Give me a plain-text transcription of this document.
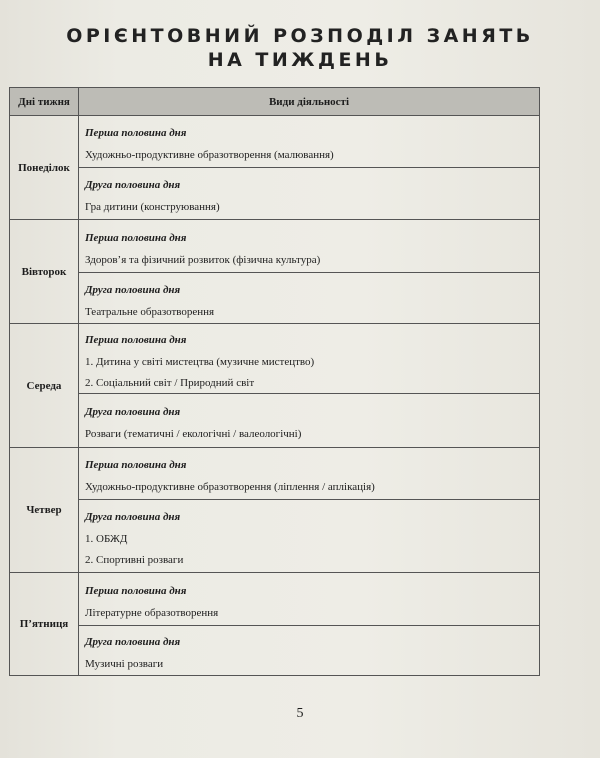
ОРІЄНТОВНИЙ РОЗПОДІЛ ЗАНЯТЬ
НА ТИЖДЕНЬ
Дні тижня	Види діяльності
Понеділок	Перша половина дня
Художньо-продуктивне образотворення (малювання)

	Друга половина дня
Гра дитини (конструювання)

Вівторок	Перша половина дня
Здоров’я та фізичний розвиток (фізична культура)

	Друга половина дня
Театральне образотворення

Середа	Перша половина дня
1. Дитина у світі мистецтва (музичне мистецтво)
2. Соціальний світ / Природний світ

	Друга половина дня
Розваги (тематичні / екологічні / валеологічні)

Четвер	Перша половина дня
Художньо-продуктивне образотворення (ліплення / аплікація)

	Друга половина дня
1. ОБЖД
2. Спортивні розваги

П’ятниця	Перша половина дня
Літературне образотворення

	Друга половина дня
Музичні розваги
5
